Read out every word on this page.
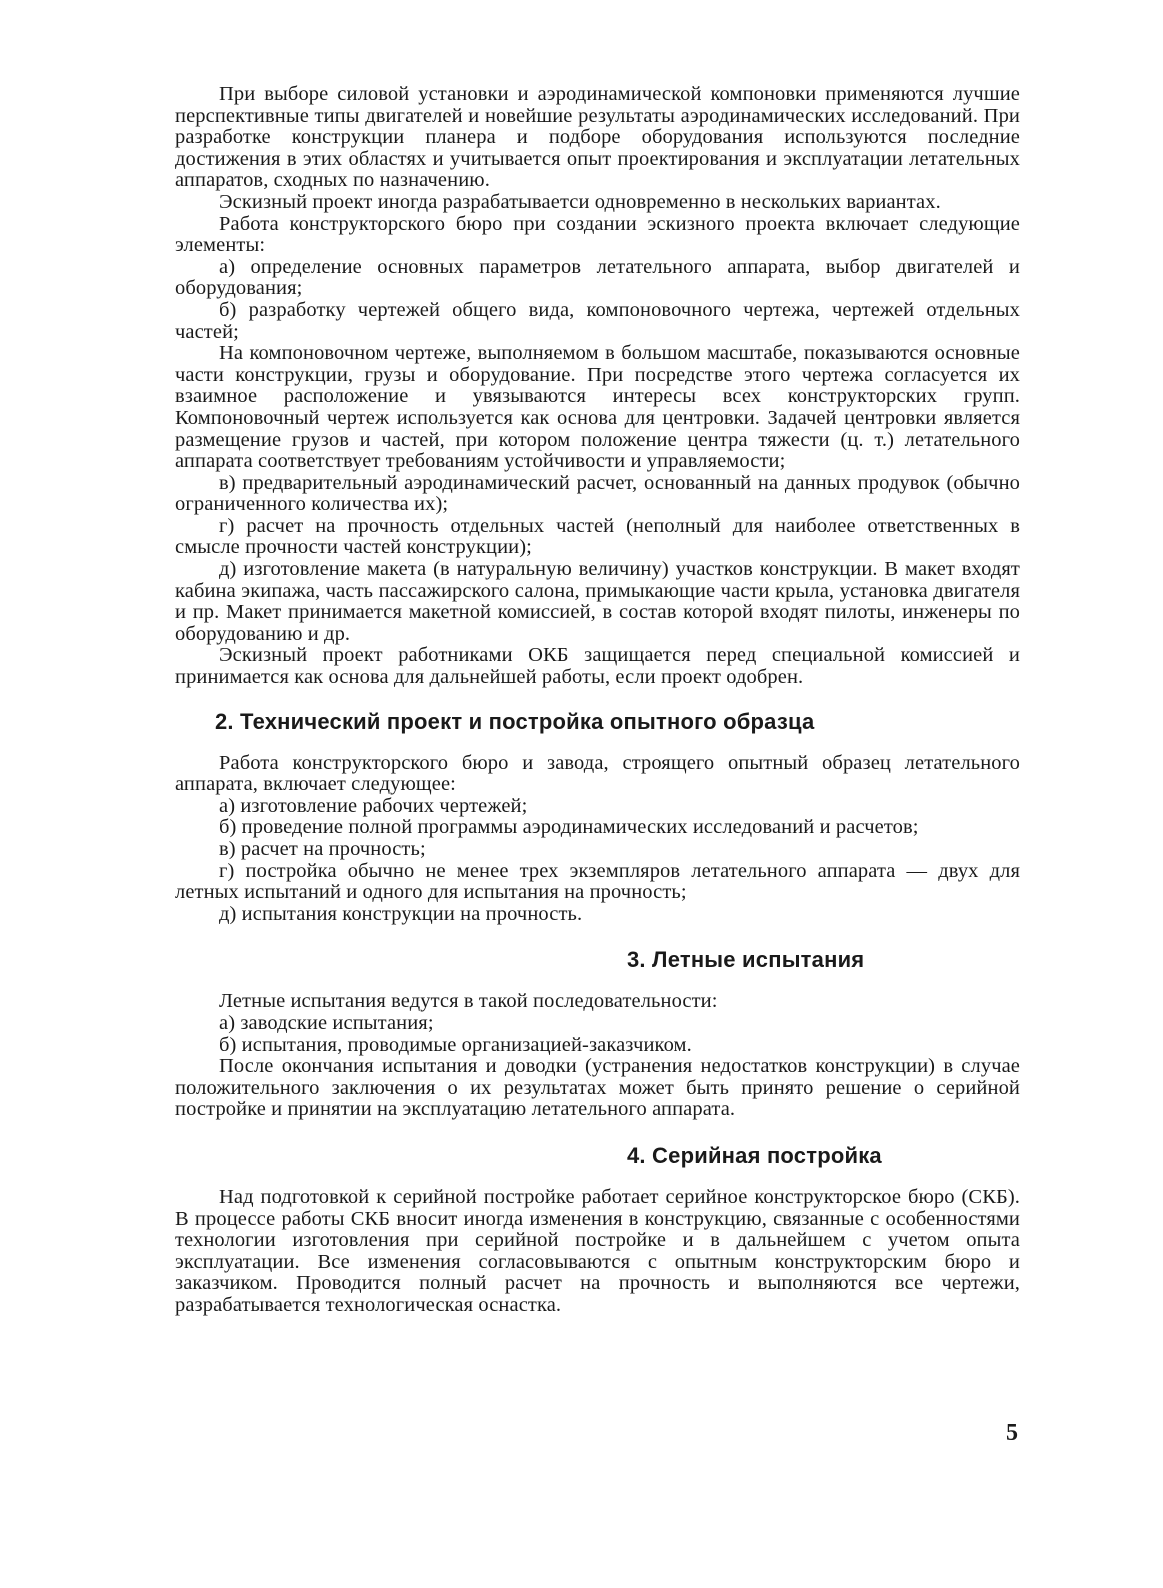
При выборе силовой установки и аэродинамической компоновки применяются лучшие перспективные типы двигателей и новейшие результаты аэродинамических исследований. При разработке конструкции планера и подборе оборудования используются последние достижения в этих областях и учитывается опыт проектирования и эксплуатации летательных аппаратов, сходных по назначению.

Эскизный проект иногда разрабатываетси одновременно в нескольких вариантах.

Работа конструкторского бюро при создании эскизного проекта включает следующие элементы:

а) определение основных параметров летательного аппарата, выбор двигателей и оборудования;

б) разработку чертежей общего вида, компоновочного чертежа, чертежей отдельных частей;

На компоновочном чертеже, выполняемом в большом масштабе, показываются основные части конструкции, грузы и оборудование. При посредстве этого чертежа согласуется их взаимное расположение и увязываются интересы всех конструкторских групп. Компоновочный чертеж используется как основа для центровки. Задачей центровки является размещение грузов и частей, при котором положение центра тяжести (ц. т.) летательного аппарата соответствует требованиям устойчивости и управляемости;

в) предварительный аэродинамический расчет, основанный на данных продувок (обычно ограниченного количества их);

г) расчет на прочность отдельных частей (неполный для наиболее ответственных в смысле прочности частей конструкции);

д) изготовление макета (в натуральную величину) участков конструкции. В макет входят кабина экипажа, часть пассажирского салона, примыкающие части крыла, установка двигателя и пр. Макет принимается макетной комиссией, в состав которой входят пилоты, инженеры по оборудованию и др.

Эскизный проект работниками ОКБ защищается перед специальной комиссией и принимается как основа для дальнейшей работы, если проект одобрен.

2. Технический проект и постройка опытного образца

Работа конструкторского бюро и завода, строящего опытный образец летательного аппарата, включает следующее:

а) изготовление рабочих чертежей;

б) проведение полной программы аэродинамических исследований и расчетов;

в) расчет на прочность;

г) постройка обычно не менее трех экземпляров летательного аппарата — двух для летных испытаний и одного для испытания на прочность;

д) испытания конструкции на прочность.

3. Летные испытания

Летные испытания ведутся в такой последовательности:

а) заводские испытания;

б) испытания, проводимые организацией-заказчиком.

После окончания испытания и доводки (устранения недостатков конструкции) в случае положительного заключения о их результатах может быть принято решение о серийной постройке и принятии на эксплуатацию летательного аппарата.

4. Серийная постройка

Над подготовкой к серийной постройке работает серийное конструкторское бюро (СКБ). В процессе работы СКБ вносит иногда изменения в конструкцию, связанные с особенностями технологии изготовления при серийной постройке и в дальнейшем с учетом опыта эксплуатации. Все изменения согласовываются с опытным конструкторским бюро и заказчиком. Проводится полный расчет на прочность и выполняются все чертежи, разрабатывается технологическая оснастка.

5
